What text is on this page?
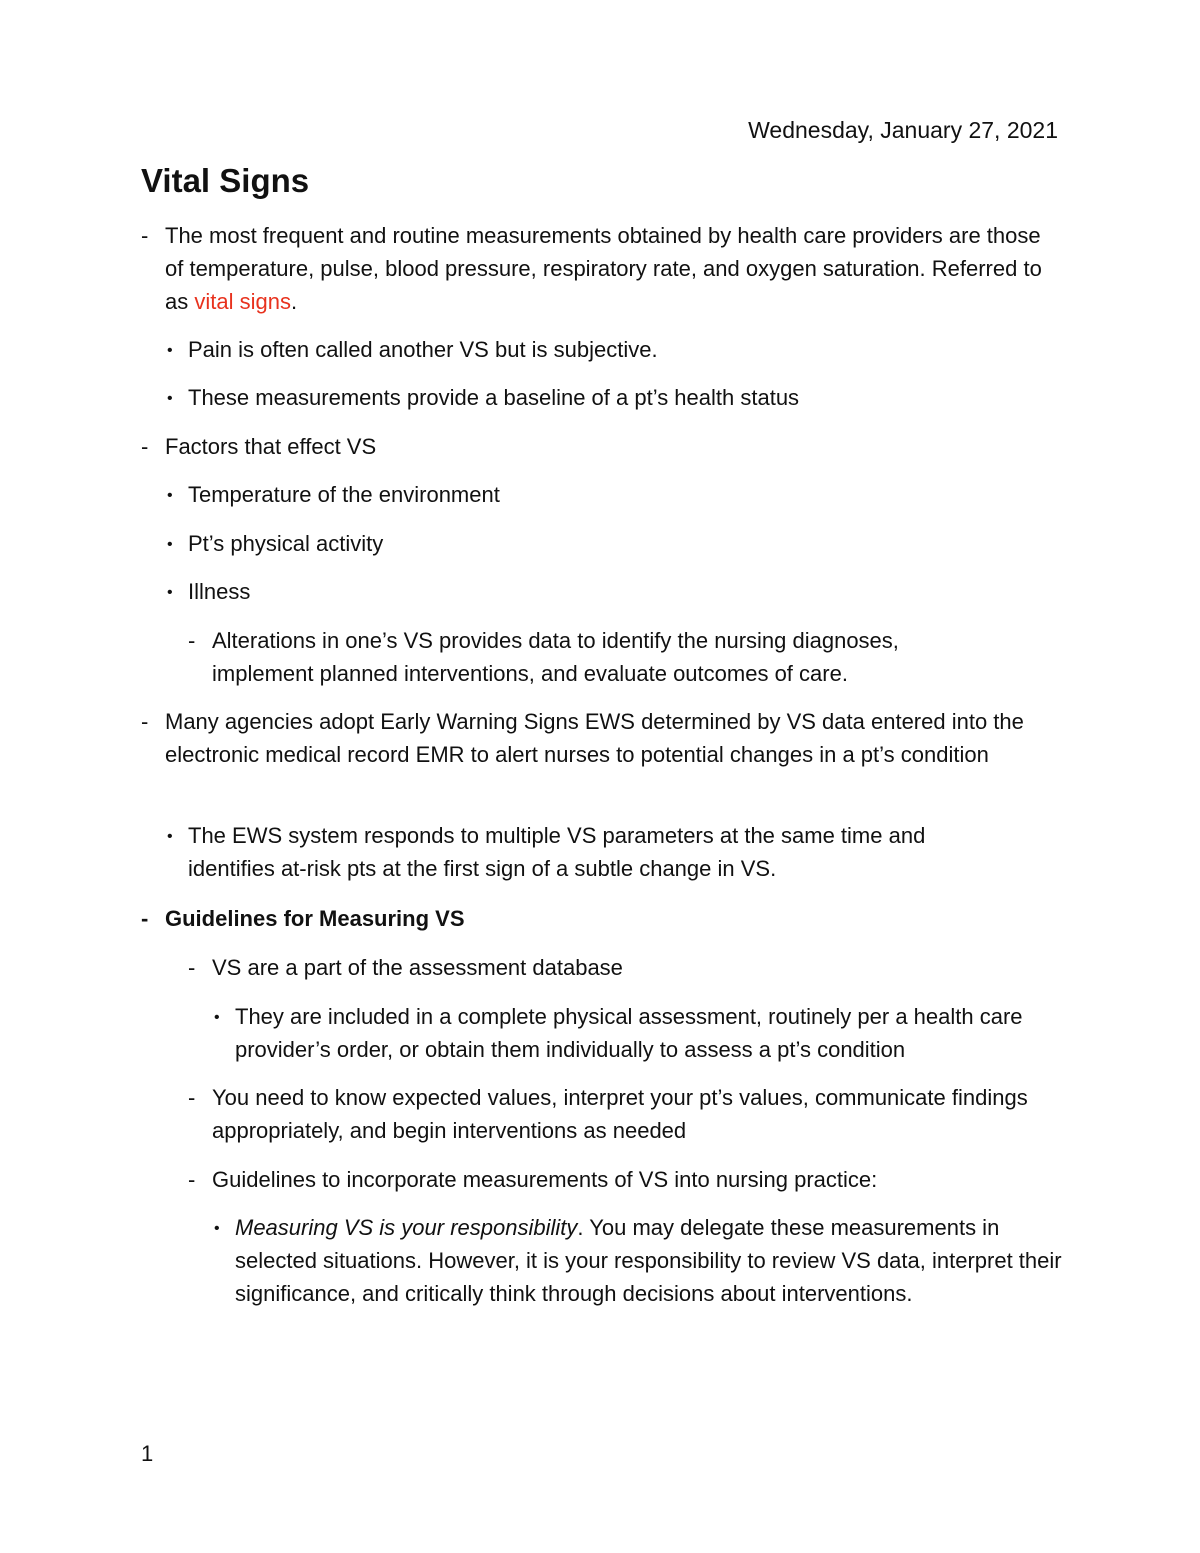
Wednesday, January 27, 2021
Vital Signs
- The most frequent and routine measurements obtained by health care providers are those of temperature, pulse, blood pressure, respiratory rate, and oxygen saturation. Referred to as vital signs.
• Pain is often called another VS but is subjective.
• These measurements provide a baseline of a pt’s health status
- Factors that effect VS
• Temperature of the environment
• Pt’s physical activity
• Illness
- Alterations in one’s VS provides data to identify the nursing diagnoses, implement planned interventions, and evaluate outcomes of care.
- Many agencies adopt Early Warning Signs EWS determined by VS data entered into the electronic medical record EMR to alert nurses to potential changes in a pt’s condition
• The EWS system responds to multiple VS parameters at the same time and identifies at-risk pts at the first sign of a subtle change in VS.
- Guidelines for Measuring VS
- VS are a part of the assessment database
• They are included in a complete physical assessment, routinely per a health care provider’s order, or obtain them individually to assess a pt’s condition
- You need to know expected values, interpret your pt’s values, communicate findings appropriately, and begin interventions as needed
- Guidelines to incorporate measurements of VS into nursing practice:
• Measuring VS is your responsibility. You may delegate these measurements in selected situations. However, it is your responsibility to review VS data, interpret their significance, and critically think through decisions about interventions.
1
